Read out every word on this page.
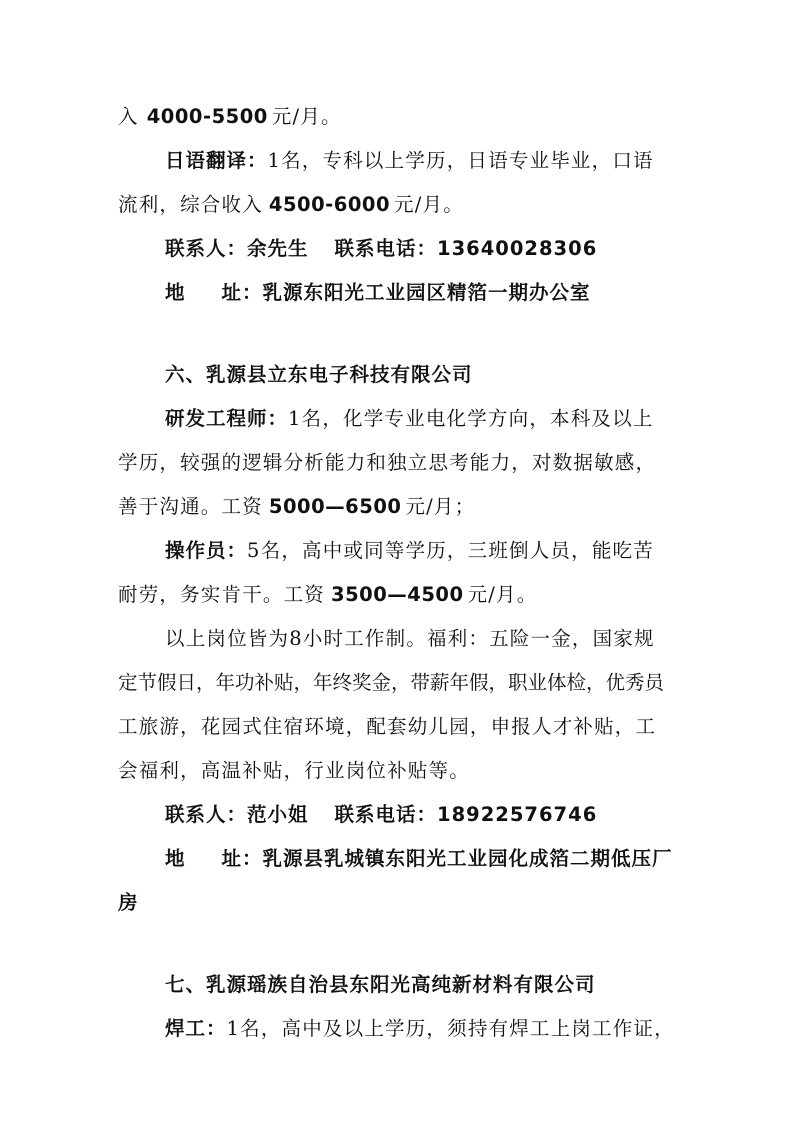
入 4000-5500 元/月。
日语翻译：1名，专科以上学历，日语专业毕业，口语
流利，综合收入 4500-6000 元/月。
联系人：余先生 联系电话：13640028306
地 址：乳源东阳光工业园区精箔一期办公室
六、乳源县立东电子科技有限公司
研发工程师：1名，化学专业电化学方向，本科及以上
学历，较强的逻辑分析能力和独立思考能力，对数据敏感，
善于沟通。工资 5000—6500 元/月；
操作员：5名，高中或同等学历，三班倒人员，能吃苦
耐劳，务实肯干。工资 3500—4500 元/月。
以上岗位皆为8小时工作制。福利：五险一金，国家规
定节假日，年功补贴，年终奖金，带薪年假，职业体检，优秀员
工旅游，花园式住宿环境，配套幼儿园，申报人才补贴，工
会福利，高温补贴，行业岗位补贴等。
联系人：范小姐 联系电话：18922576746
地 址：乳源县乳城镇东阳光工业园化成箔二期低压厂
房
七、乳源瑶族自治县东阳光高纯新材料有限公司
焊工：1名，高中及以上学历，须持有焊工上岗工作证，
